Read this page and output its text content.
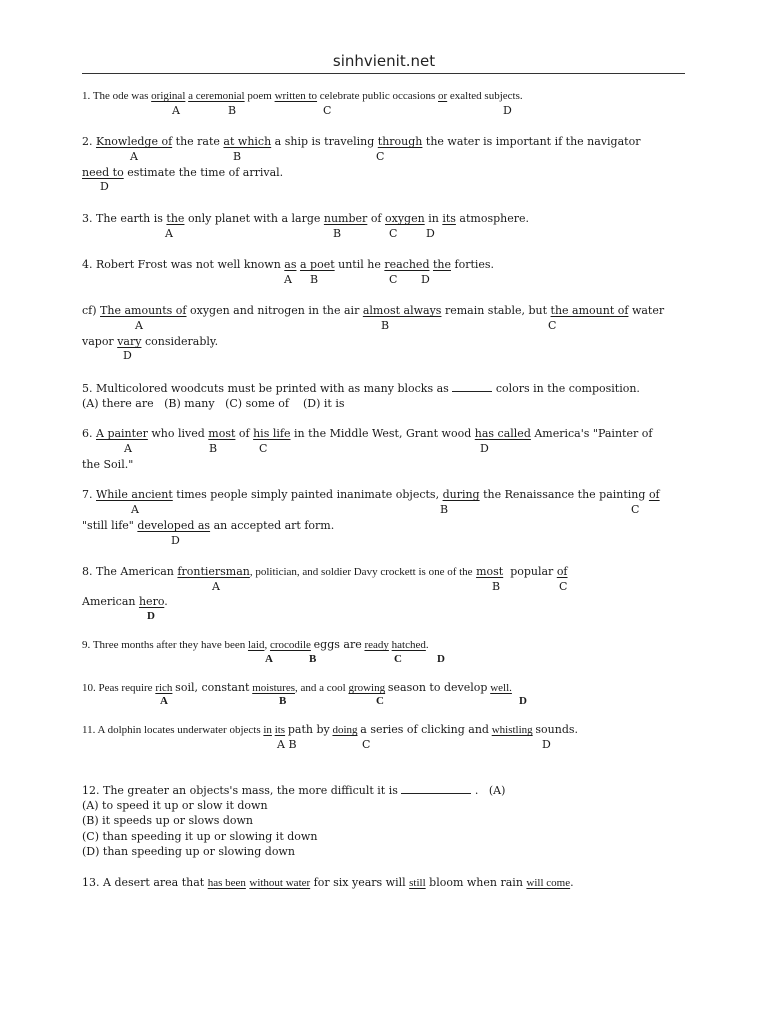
sinhvienit.net
1. The ode was original a ceremonial poem written to celebrate public occasions or exalted subjects.
A	B	C	D
2. Knowledge of the rate at which a ship is traveling through the water is important if the navigator
A	B	C
need to estimate the time of arrival.
D
3. The earth is the only planet with a large number of oxygen in its atmosphere.
A	B	C	D
4. Robert Frost was not well known as a poet until he reached the forties.
A B	C D
cf) The amounts of oxygen and nitrogen in the air almost always remain stable, but the amount of water
A	B	C
vapor vary considerably.
D
5. Multicolored woodcuts must be printed with as many blocks as	colors in the composition.
(A) there are (B) many (C) some of (D) it is
6. A painter who lived most of his life in the Middle West, Grant wood has called America's "Painter of
A	B	C	D
the Soil."
7. While ancient times people simply painted inanimate objects, during the Renaissance the painting of
A	B	C
"still life" developed as an accepted art form.
D
8. The American frontiersman, politician, and soldier Davy crockett is one of the most popular of
A	B	C
American hero.
D
9. Three months after they have been laid, crocodile eggs are ready hatched.
A	B	C	D
10. Peas require rich soil, constant moistures, and a cool growing season to develop well.
A	B	C	D
11. A dolphin locates underwater objects in its path by doing a series of clicking and whistling sounds.
A B	C	D
12. The greater an objects's mass, the more difficult it is	. (A)
(A) to speed it up or slow it down
(B) it speeds up or slows down
(C) than speeding it up or slowing it down
(D) than speeding up or slowing down
13. A desert area that has been without water for six years will still bloom when rain will come.
